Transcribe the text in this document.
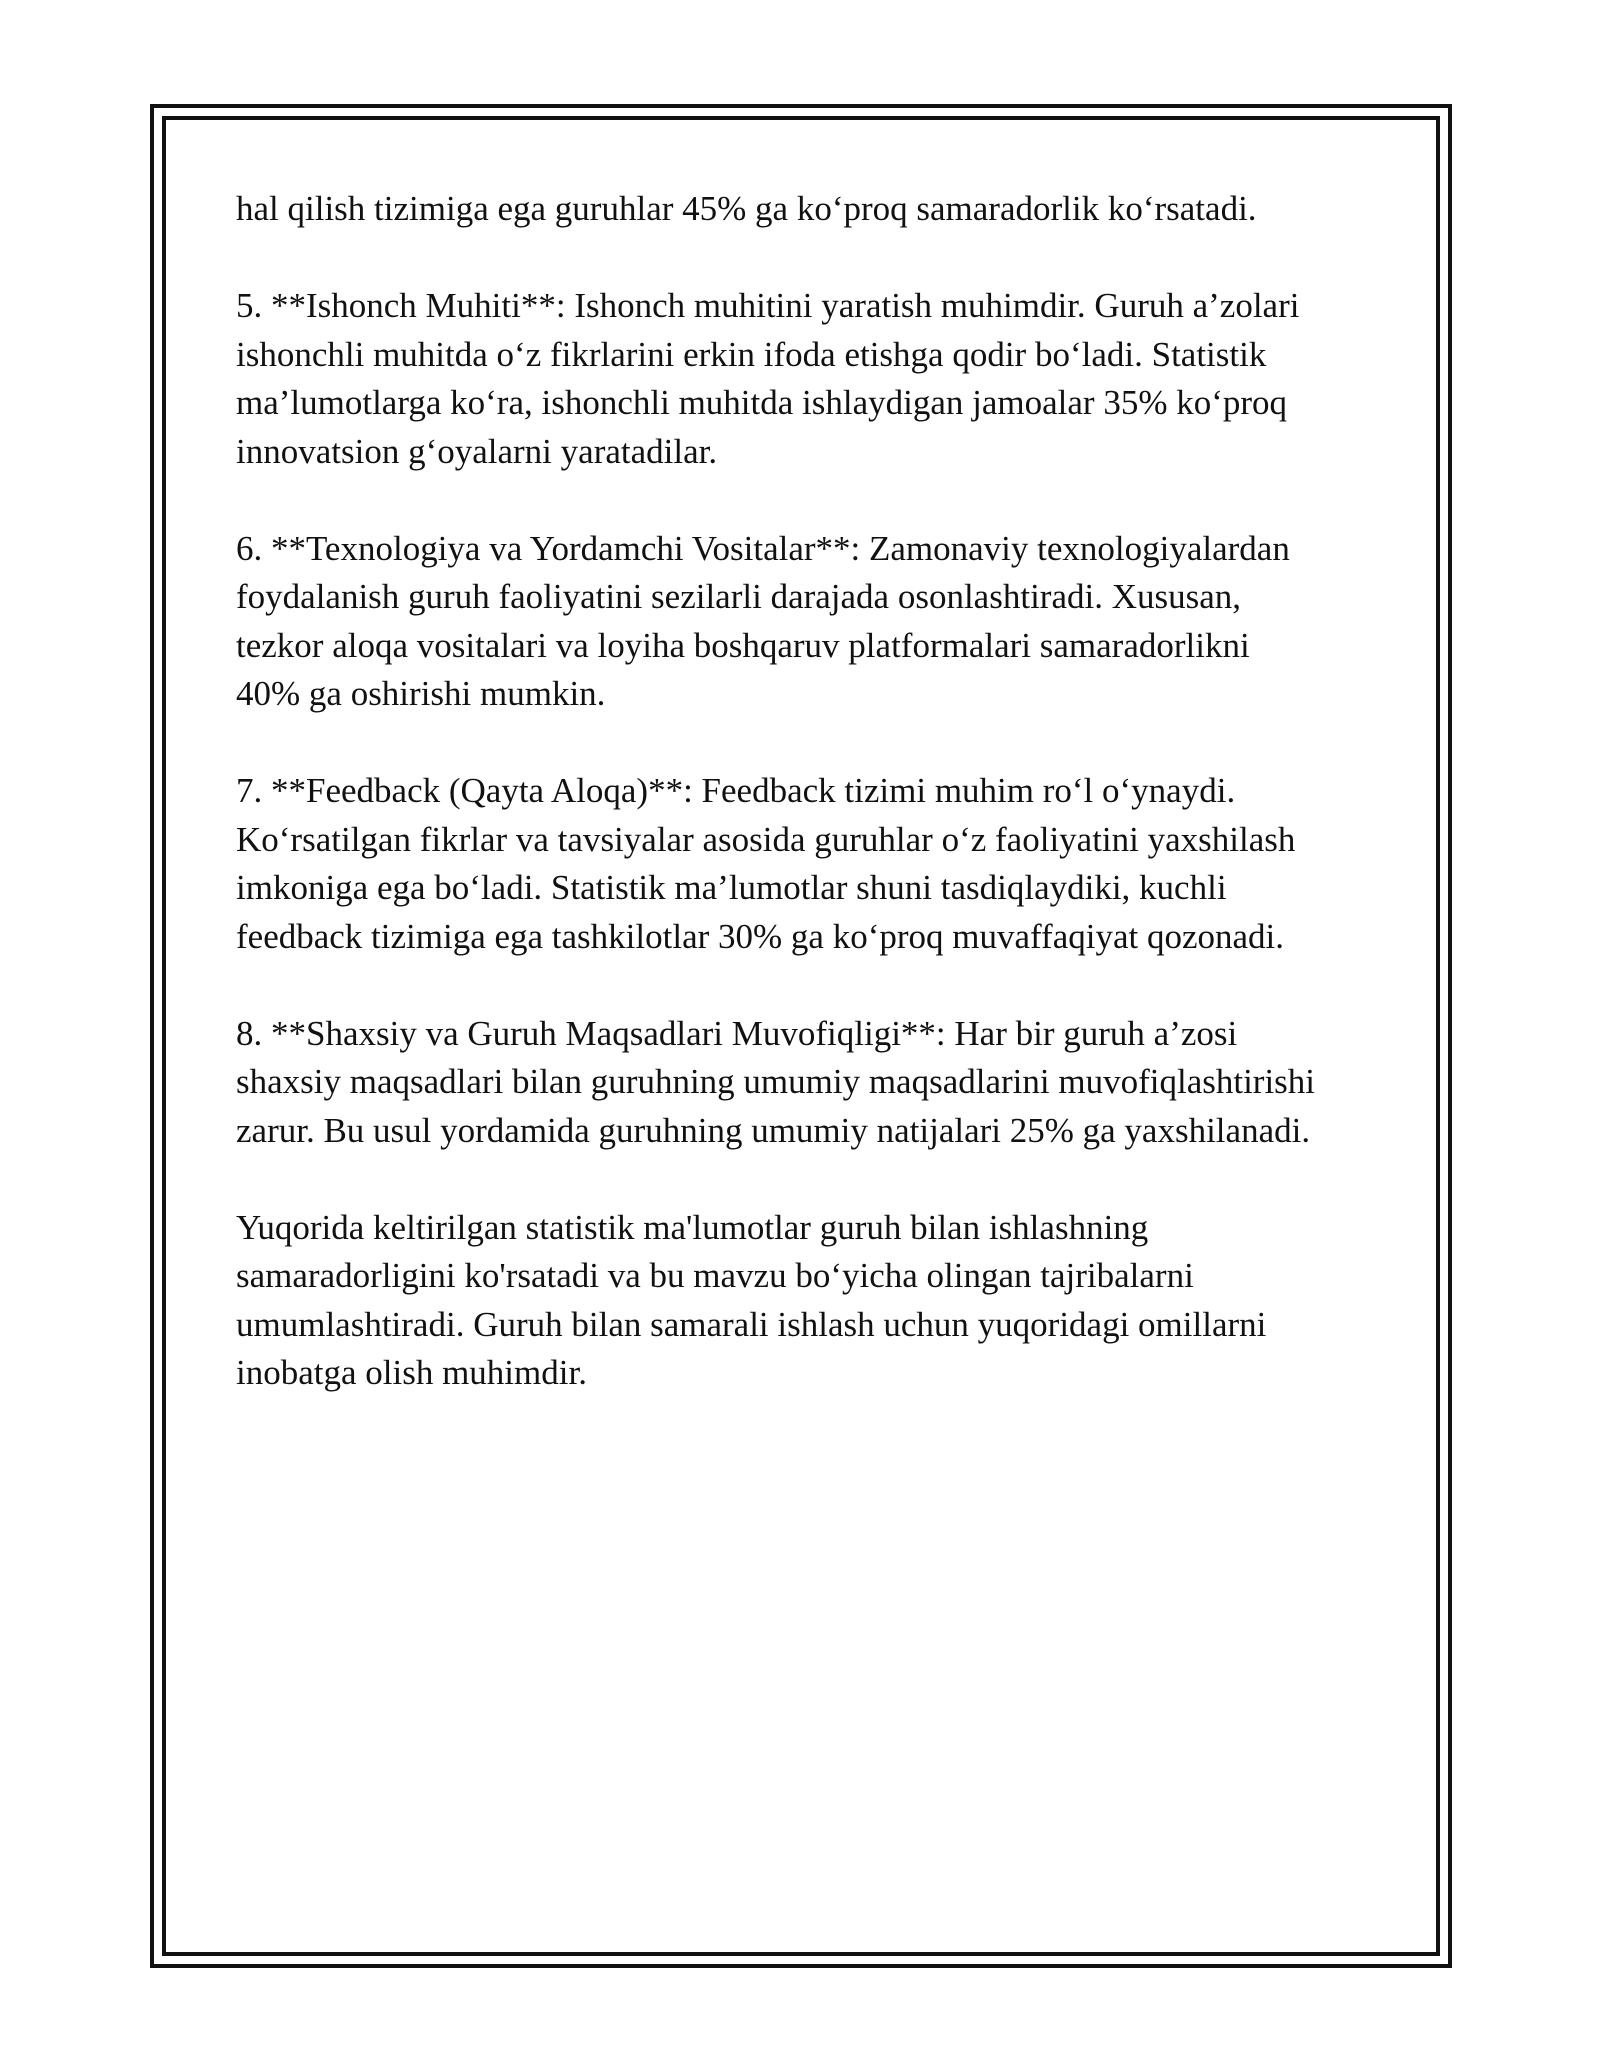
hal qilish tizimiga ega guruhlar 45% ga ko‘proq samaradorlik ko‘rsatadi.

5. **Ishonch Muhiti**: Ishonch muhitini yaratish muhimdir. Guruh a’zolari
ishonchli muhitda o‘z fikrlarini erkin ifoda etishga qodir bo‘ladi. Statistik
ma’lumotlarga ko‘ra, ishonchli muhitda ishlaydigan jamoalar 35% ko‘proq
innovatsion g‘oyalarni yaratadilar.

6. **Texnologiya va Yordamchi Vositalar**: Zamonaviy texnologiyalardan
foydalanish guruh faoliyatini sezilarli darajada osonlashtiradi. Xususan,
tezkor aloqa vositalari va loyiha boshqaruv platformalari samaradorlikni
40% ga oshirishi mumkin.

7. **Feedback (Qayta Aloqa)**: Feedback tizimi muhim ro‘l o‘ynaydi.
Ko‘rsatilgan fikrlar va tavsiyalar asosida guruhlar o‘z faoliyatini yaxshilash
imkoniga ega bo‘ladi. Statistik ma’lumotlar shuni tasdiqlaydiki, kuchli
feedback tizimiga ega tashkilotlar 30% ga ko‘proq muvaffaqiyat qozonadi.

8. **Shaxsiy va Guruh Maqsadlari Muvofiqligi**: Har bir guruh a’zosi
shaxsiy maqsadlari bilan guruhning umumiy maqsadlarini muvofiqlashtirishi
zarur. Bu usul yordamida guruhning umumiy natijalari 25% ga yaxshilanadi.

Yuqorida keltirilgan statistik ma'lumotlar guruh bilan ishlashning
samaradorligini ko'rsatadi va bu mavzu bo‘yicha olingan tajribalarni
umumlashtiradi. Guruh bilan samarali ishlash uchun yuqoridagi omillarni
inobatga olish muhimdir.
